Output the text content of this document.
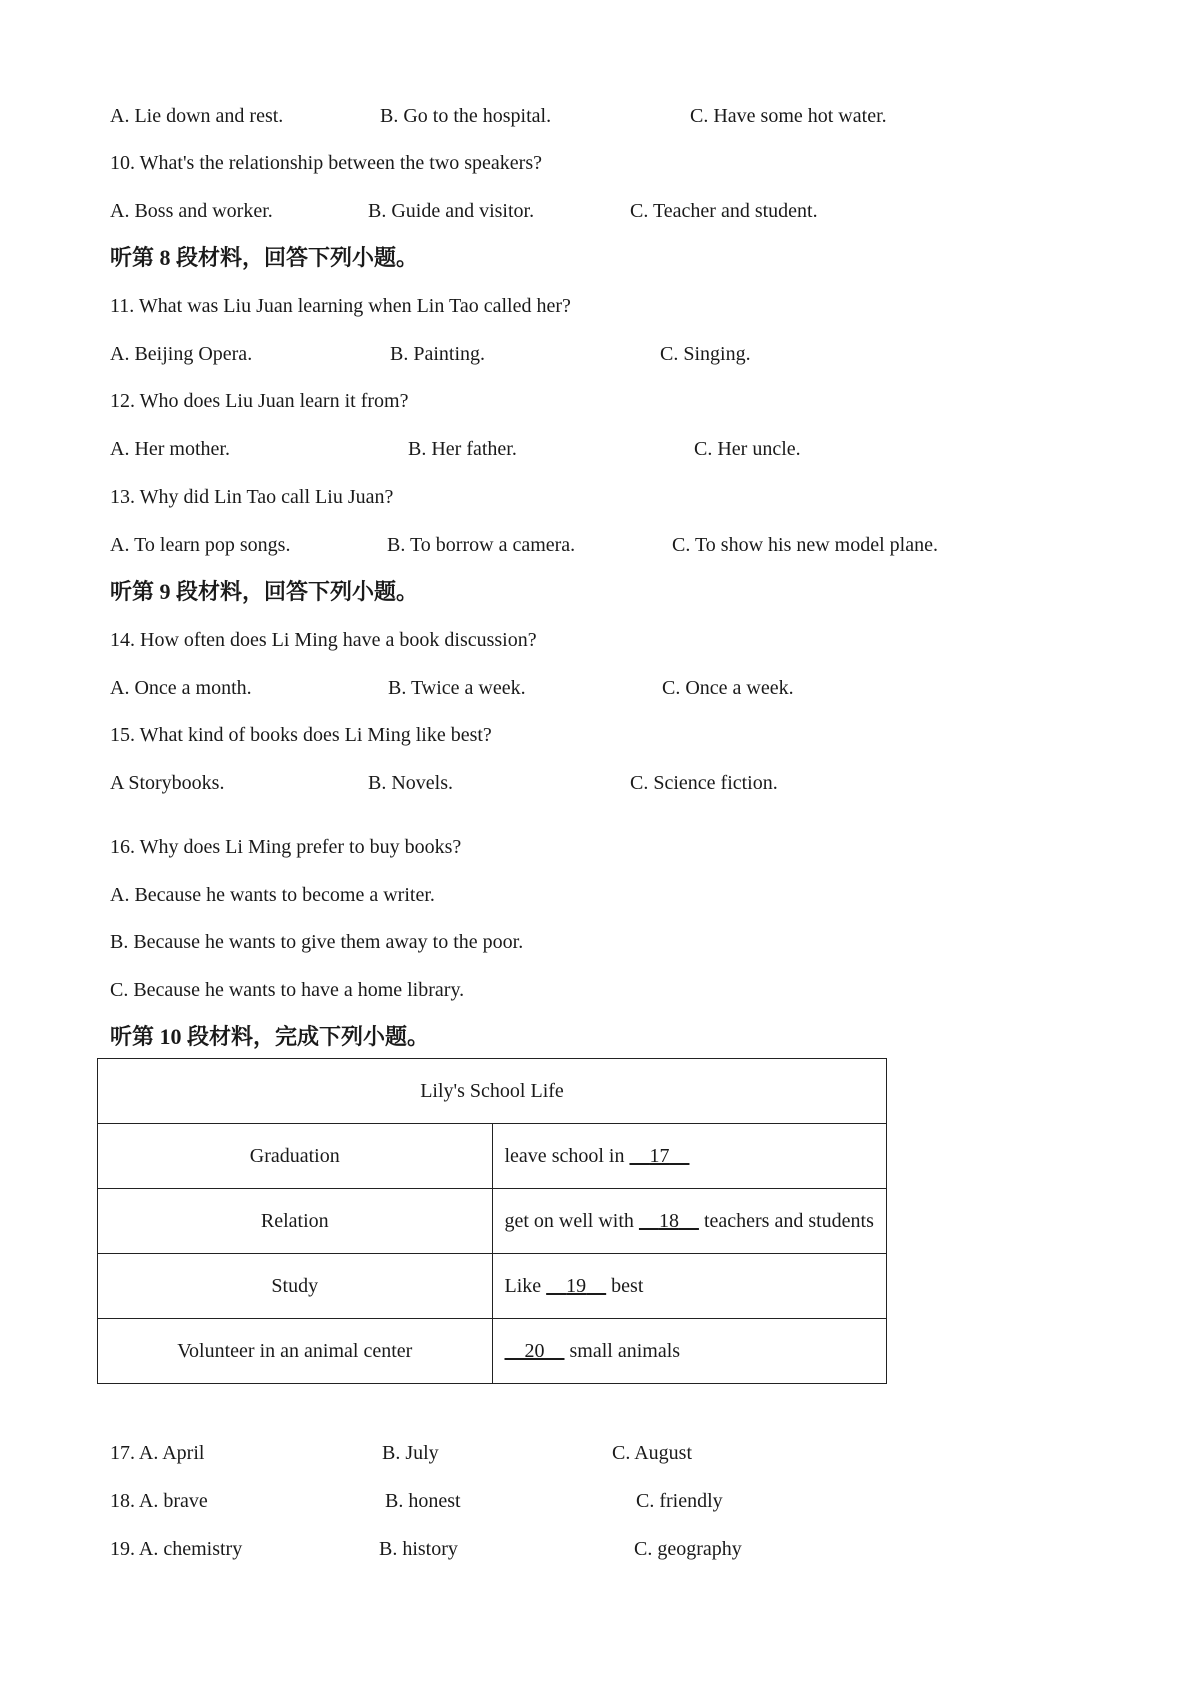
A. Lie down and rest.	B. Go to the hospital.	C. Have some hot water.
10. What's the relationship between the two speakers?
A. Boss and worker.	B. Guide and visitor.	C. Teacher and student.
听第 8 段材料，回答下列小题。
11. What was Liu Juan learning when Lin Tao called her?
A. Beijing Opera.	B. Painting.	C. Singing.
12. Who does Liu Juan learn it from?
A. Her mother.	B. Her father.	C. Her uncle.
13. Why did Lin Tao call Liu Juan?
A. To learn pop songs.	B. To borrow a camera.	C. To show his new model plane.
听第 9 段材料，回答下列小题。
14. How often does Li Ming have a book discussion?
A. Once a month.	B. Twice a week.	C. Once a week.
15. What kind of books does Li Ming like best?
A Storybooks.	B. Novels.	C. Science fiction.
16. Why does Li Ming prefer to buy books?
A. Because he wants to become a writer.
B. Because he wants to give them away to the poor.
C. Because he wants to have a home library.
听第 10 段材料，完成下列小题。
Lily's School Life	
Graduation	leave school in     17
Relation	get on well with     18     teachers and students
Study	Like     19     best
Volunteer in an animal center	20     small animals
17. A. April	B. July	C. August
18. A. brave	B. honest	C. friendly
19. A. chemistry	B. history	C. geography
